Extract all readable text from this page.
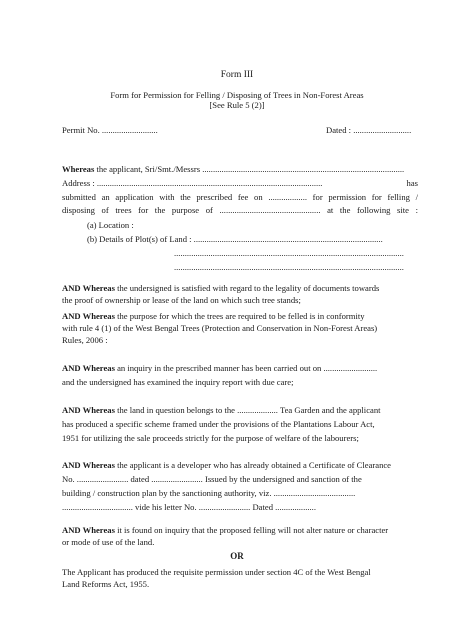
Form III
Form for Permission for Felling / Disposing of Trees in Non-Forest Areas
[See Rule 5 (2)]
Permit No. ..........................	Dated : ...........................
Whereas the applicant, Sri/Smt./Messrs ..............................................................................................
Address : .........................................................................................................	has
submitted an application with the prescribed fee on .................. for permission for felling /
disposing of trees for the purpose of ............................................... at the following site :
(a) Location :
(b) Details of Plot(s) of Land : ........................................................................................
...........................................................................................................
...........................................................................................................
AND Whereas the undersigned is satisfied with regard to the legality of documents towards
the proof of ownership or lease of the land on which such tree stands;
AND Whereas the purpose for which the trees are required to be felled is in conformity
with rule 4 (1) of the West Bengal Trees (Protection and Conservation in Non-Forest Areas)
Rules, 2006 :
AND Whereas an inquiry in the prescribed manner has been carried out on .........................
and the undersigned has examined the inquiry report with due care;
AND Whereas the land in question belongs to the ................... Tea Garden and the applicant
has produced a specific scheme framed under the provisions of the Plantations Labour Act,
1951 for utilizing the sale proceeds strictly for the purpose of welfare of the labourers;
AND Whereas the applicant is a developer who has already obtained a Certificate of Clearance
No. ........................ dated ........................ Issued by the undersigned and sanction of the
building / construction plan by the sanctioning authority, viz. ......................................
................................. vide his letter No. ........................ Dated ...................
AND Whereas it is found on inquiry that the proposed felling will not alter nature or character
or mode of use of the land.
OR
The Applicant has produced the requisite permission under section 4C of the West Bengal
Land Reforms Act, 1955.
